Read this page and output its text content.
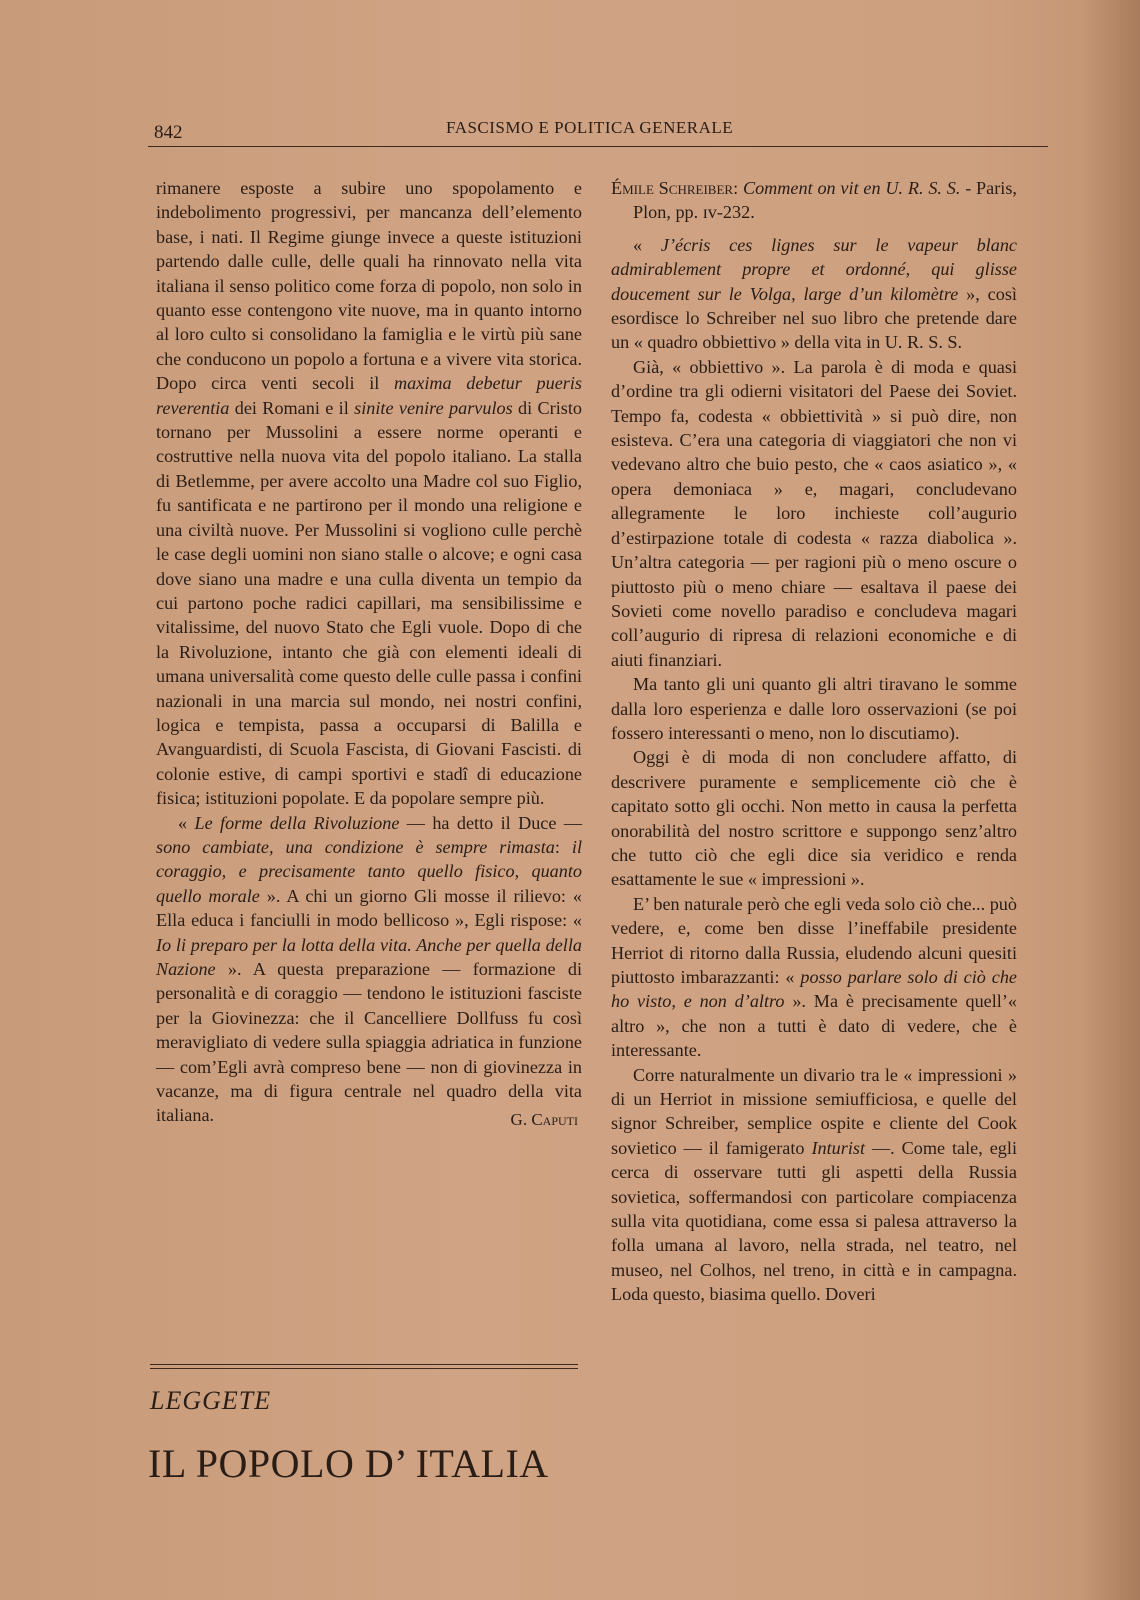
842	FASCISMO E POLITICA GENERALE

rimanere esposte a subire uno spopolamento e indebolimento progressivi, per mancanza dell’elemento base, i nati. Il Regime giunge invece a queste istituzioni partendo dalle culle, delle quali ha rinnovato nella vita italiana il senso politico come forza di popolo, non solo in quanto esse contengono vite nuove, ma in quanto intorno al loro culto si consolidano la famiglia e le virtù più sane che conducono un popolo a fortuna e a vivere vita storica. Dopo circa venti secoli il maxima debetur pueris reverentia dei Romani e il sinite venire parvulos di Cristo tornano per Mussolini a essere norme operanti e costruttive nella nuova vita del popolo italiano. La stalla di Betlemme, per avere accolto una Madre col suo Figlio, fu santificata e ne partirono per il mondo una religione e una civiltà nuove. Per Mussolini si vogliono culle perchè le case degli uomini non siano stalle o alcove; e ogni casa dove siano una madre e una culla diventa un tempio da cui partono poche radici capillari, ma sensibilissime e vitalissime, del nuovo Stato che Egli vuole. Dopo di che la Rivoluzione, intanto che già con elementi ideali di umana universalità come questo delle culle passa i confini nazionali in una marcia sul mondo, nei nostri confini, logica e tempista, passa a occuparsi di Balilla e Avanguardisti, di Scuola Fascista, di Giovani Fascisti. di colonie estive, di campi sportivi e stadî di educazione fisica; istituzioni popolate. E da popolare sempre più.

« Le forme della Rivoluzione — ha detto il Duce — sono cambiate, una condizione è sempre rimasta: il coraggio, e precisamente tanto quello fisico, quanto quello morale ». A chi un giorno Gli mosse il rilievo: « Ella educa i fanciulli in modo bellicoso », Egli rispose: « Io li preparo per la lotta della vita. Anche per quella della Nazione ». A questa preparazione — formazione di personalità e di coraggio — tendono le istituzioni fasciste per la Giovinezza: che il Cancelliere Dollfuss fu così meravigliato di vedere sulla spiaggia adriatica in funzione — com’Egli avrà compreso bene — non di giovinezza in vacanze, ma di figura centrale nel quadro della vita italiana.	G. Caputi

LEGGETE
IL POPOLO D’ ITALIA

Émile Schreiber: Comment on vit en U. R. S. S. - Paris, Plon, pp. ɪᴠ-232.

« J’écris ces lignes sur le vapeur blanc admirablement propre et ordonné, qui glisse doucement sur le Volga, large d’un kilomètre », così esordisce lo Schreiber nel suo libro che pretende dare un « quadro obbiettivo » della vita in U. R. S. S.

Già, « obbiettivo ». La parola è di moda e quasi d’ordine tra gli odierni visitatori del Paese dei Soviet. Tempo fa, codesta « obbiettività » si può dire, non esisteva. C’era una categoria di viaggiatori che non vi vedevano altro che buio pesto, che « caos asiatico », « opera demoniaca » e, magari, concludevano allegramente le loro inchieste coll’augurio d’estirpazione totale di codesta « razza diabolica ». Un’altra categoria — per ragioni più o meno oscure o piuttosto più o meno chiare — esaltava il paese dei Sovieti come novello paradiso e concludeva magari coll’augurio di ripresa di relazioni economiche e di aiuti finanziari.

Ma tanto gli uni quanto gli altri tiravano le somme dalla loro esperienza e dalle loro osservazioni (se poi fossero interessanti o meno, non lo discutiamo).

Oggi è di moda di non concludere affatto, di descrivere puramente e semplicemente ciò che è capitato sotto gli occhi. Non metto in causa la perfetta onorabilità del nostro scrittore e suppongo senz’altro che tutto ciò che egli dice sia veridico e renda esattamente le sue « impressioni ».

E’ ben naturale però che egli veda solo ciò che... può vedere, e, come ben disse l’ineffabile presidente Herriot di ritorno dalla Russia, eludendo alcuni quesiti piuttosto imbarazzanti: « posso parlare solo di ciò che ho visto, e non d’altro ». Ma è precisamente quell’« altro », che non a tutti è dato di vedere, che è interessante.

Corre naturalmente un divario tra le « impressioni » di un Herriot in missione semiufficiosa, e quelle del signor Schreiber, semplice ospite e cliente del Cook sovietico — il famigerato Inturist —. Come tale, egli cerca di osservare tutti gli aspetti della Russia sovietica, soffermandosi con particolare compiacenza sulla vita quotidiana, come essa si palesa attraverso la folla umana al lavoro, nella strada, nel teatro, nel museo, nel Colhos, nel treno, in città e in campagna. Loda questo, biasima quello. Doveri
